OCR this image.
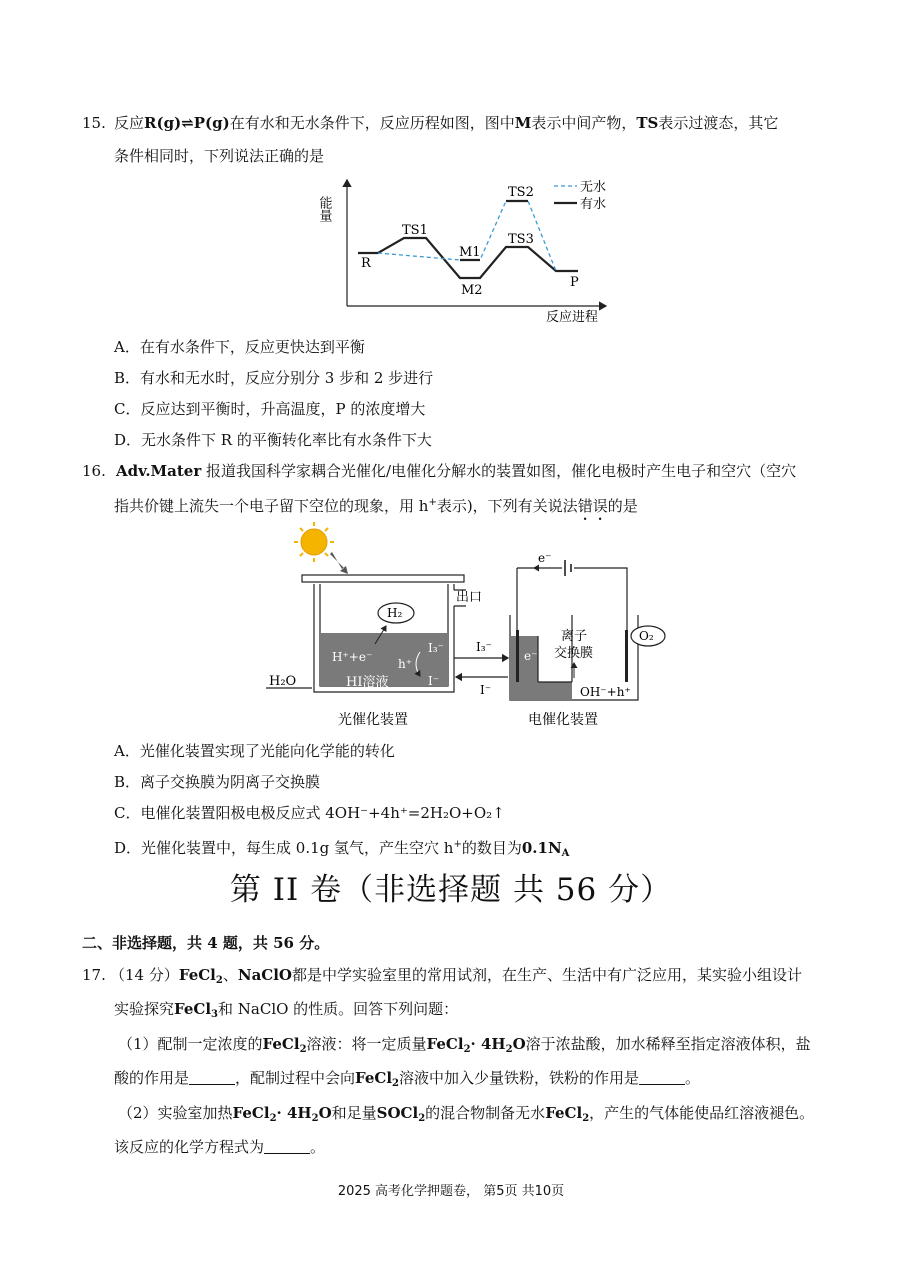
15. 反应R(g)⇌P(g)在有水和无水条件下，反应历程如图，图中M表示中间产物，TS表示过渡态，其它
条件相同时，下列说法正确的是
能量
反应进程
R
TS1
M1
M2
TS2
TS3
P
无水
有水
A．在有水条件下，反应更快达到平衡
B．有水和无水时，反应分别分 3 步和 2 步进行
C．反应达到平衡时，升高温度，P 的浓度增大
D．无水条件下 R 的平衡转化率比有水条件下大
16. Adv.Mater 报道我国科学家耦合光催化/电催化分解水的装置如图，催化电极时产生电子和空穴（空穴
指共价键上流失一个电子留下空位的现象，用 h+表示)，下列有关说法错误的是
出口
H₂
H⁺+e⁻ h⁺
I₃⁻
I⁻
HI溶液
H₂O
光催化装置
I₃⁻
I⁻
e⁻
e⁻
离子
交换膜
O₂
OH⁻+h⁺
电催化装置
A．光催化装置实现了光能向化学能的转化
B．离子交换膜为阴离子交换膜
C．电催化装置阳极电极反应式 4OH⁻+4h⁺=2H₂O+O₂↑
D．光催化装置中，每生成 0.1g 氢气，产生空穴 h+的数目为$0.1N_A$
第 II 卷（非选择题 共 56 分）
二、非选择题，共 4 题，共 56 分。
17. （14 分）FeCl$_2$、NaClO都是中学实验室里的常用试剂，在生产、生活中有广泛应用，某实验小组设计
实验探究FeCl$_3$和 NaClO 的性质。回答下列问题：
（1）配制一定浓度的FeCl$_2$溶液：将一定质量FeCl$_2$· $4H_2O$溶于浓盐酸，加水稀释至指定溶液体积，盐
酸的作用是	，配制过程中会向FeCl$_2$溶液中加入少量铁粉，铁粉的作用是	。
（2）实验室加热FeCl$_2$· $4H_2O$和足量SOCl$_2$的混合物制备无水FeCl$_2$，产生的气体能使品红溶液褪色。
该反应的化学方程式为	。
2025 高考化学押题卷， 第5页 共10页
